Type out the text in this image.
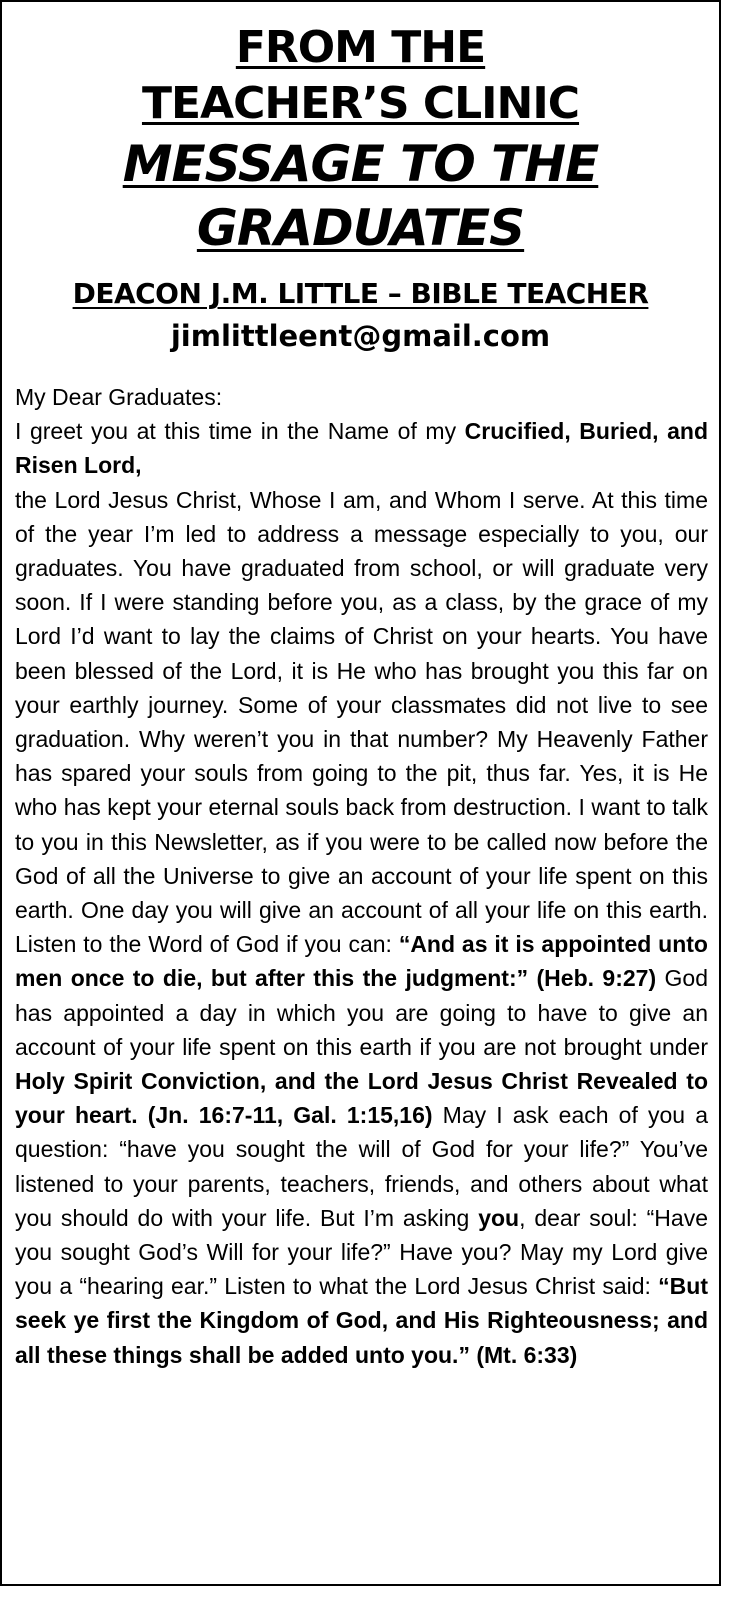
FROM THE
TEACHER’S CLINIC
MESSAGE TO THE
GRADUATES
DEACON J.M. LITTLE – BIBLE TEACHER
jimlittleent@gmail.com

My Dear Graduates:

I greet you at this time in the Name of my Crucified, Buried, and Risen Lord,

the Lord Jesus Christ, Whose I am, and Whom I serve. At this time of the year I’m led to address a message especially to you, our graduates. You have graduated from school, or will graduate very soon. If I were standing before you, as a class, by the grace of my Lord I’d want to lay the claims of Christ on your hearts. You have been blessed of the Lord, it is He who has brought you this far on your earthly journey. Some of your classmates did not live to see graduation. Why weren’t you in that number? My Heavenly Father has spared your souls from going to the pit, thus far. Yes, it is He who has kept your eternal souls back from destruction. I want to talk to you in this Newsletter, as if you were to be called now before the God of all the Universe to give an account of your life spent on this earth. One day you will give an account of all your life on this earth. Listen to the Word of God if you can: “And as it is appointed unto men once to die, but after this the judgment:” (Heb. 9:27) God has appointed a day in which you are going to have to give an account of your life spent on this earth if you are not brought under Holy Spirit Conviction, and the Lord Jesus Christ Revealed to your heart. (Jn. 16:7-11, Gal. 1:15,16) May I ask each of you a question: “have you sought the will of God for your life?” You’ve listened to your parents, teachers, friends, and others about what you should do with your life. But I’m asking you, dear soul: “Have you sought God’s Will for your life?” Have you? May my Lord give you a “hearing ear.” Listen to what the Lord Jesus Christ said: “But seek ye first the Kingdom of God, and His Righteousness; and all these things shall be added unto you.” (Mt. 6:33)
